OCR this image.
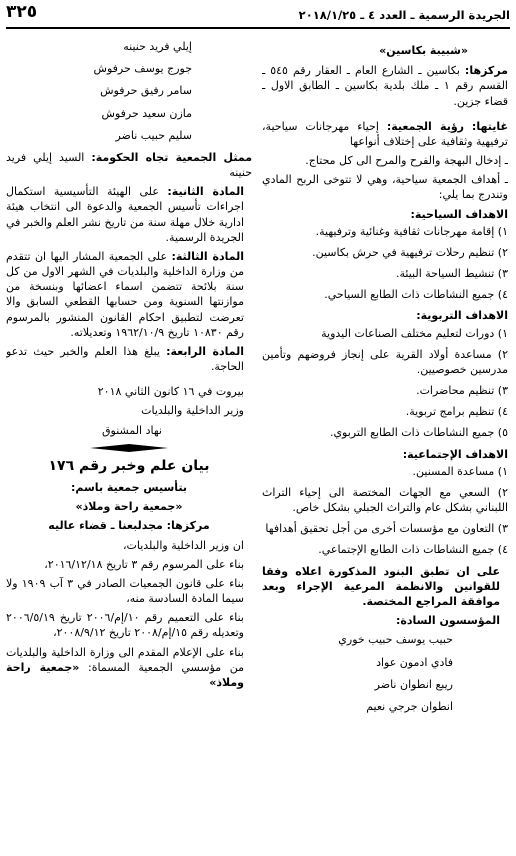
الجريدة الرسمية ـ العدد ٤ ـ ٢٠١٨/١/٢٥
٣٢٥

«شبيبة بكاسين»

مركزها: بكاسين ـ الشارع العام ـ العقار رقم ٥٤٥ ـ القسم رقم ١ ـ ملك بلدية بكاسين ـ الطابق الاول ـ قضاء جزين.

غايتها: رؤية الجمعية: إحياء مهرجانات سياحية، ترفيهية وثقافية على إختلاف أنواعها

ـ إدخال البهجة والفرح والمرح الى كل محتاج.

ـ أهداف الجمعية سياحية، وهي لا تتوخى الربح المادي وتندرج بما يلي:

الاهداف السياحية:

١) إقامة مهرجانات ثقافية وغنائية وترفيهية.

٢) تنظيم رحلات ترفيهية في حرش بكاسين.

٣) تنشيط السياحة البيئة.

٤) جميع النشاطات ذات الطابع السياحي.

الاهداف التربوية:

١) دورات لتعليم مختلف الصناعات اليدوية

٢) مساعدة أولاد القرية على إنجاز فروضهم وتأمين مدرسين خصوصيين.

٣) تنظيم محاضرات.

٤) تنظيم برامج تربوية.

٥) جميع النشاطات ذات الطابع التربوي.

الاهداف الإجتماعية:

١) مساعدة المسنين.

٢) السعي مع الجهات المختصة الى إحياء التراث اللبناني بشكل عام والتراث الجبلي بشكل خاص.

٣) التعاون مع مؤسسات أخرى من أجل تحقيق أهدافها

٤) جميع النشاطات ذات الطابع الإجتماعي.

على ان تطبق البنود المذكورة اعلاه وفقا للقوانين والانظمة المرعية الإجراء وبعد موافقة المراجع المختصة.

المؤسسون السادة:

حبيب يوسف حبيب خوري
فادي ادمون عواد
ريبع انطوان ناضر
انطوان جرجي نعيم
إيلي فريد حنينه
جورج يوسف حرفوش
سامر رفيق حرفوش
مازن سعيد حرفوش
سليم حبيب ناضر

ممثل الجمعية تجاه الحكومة: السيد إيلي فريد حنينه

المادة الثانية: على الهيئة التأسيسية استكمال اجراءات تأسيس الجمعية والدعوة الى انتخاب هيئة ادارية خلال مهلة سنة من تاريخ نشر العلم والخبر في الجريدة الرسمية.

المادة الثالثة: على الجمعية المشار اليها ان تتقدم من وزارة الداخلية والبلديات في الشهر الاول من كل سنة بلائحة تتضمن اسماء اعضائها وبنسخة من موازنتها السنوية ومن حسابها القطعي السابق والا تعرضت لتطبيق احكام القانون المنشور بالمرسوم رقم ١٠٨٣٠ تاريخ ١٩٦٢/١٠/٩ وتعديلاته.

المادة الرابعة: يبلغ هذا العلم والخبر حيث تدعو الحاجة.

بيروت في ١٦ كانون الثاني ٢٠١٨

وزير الداخلية والبلديات

نهاد المشنوق

بيان علم وخبر رقم ١٧٦

بتأسيس جمعية باسم:

«جمعية راحة وملاذ»

مركزها: مجدلبعنا ـ قضاء عاليه

ان وزير الداخلية والبلديات،

بناء على المرسوم رقم ٣ تاريخ ٢٠١٦/١٢/١٨،

بناء على قانون الجمعيات الصادر في ٣ آب ١٩٠٩ ولا سيما المادة السادسة منه،

بناء على التعميم رقم ١٠/إم/٢٠٠٦ تاريخ ٢٠٠٦/٥/١٩ وتعديله رقم ١٥/إم/٢٠٠٨ تاريخ ٢٠٠٨/٩/١٢،

بناء على الإعلام المقدم الى وزارة الداخلية والبلديات من مؤسسي الجمعية المسماة: «جمعية راحة وملاذ»
